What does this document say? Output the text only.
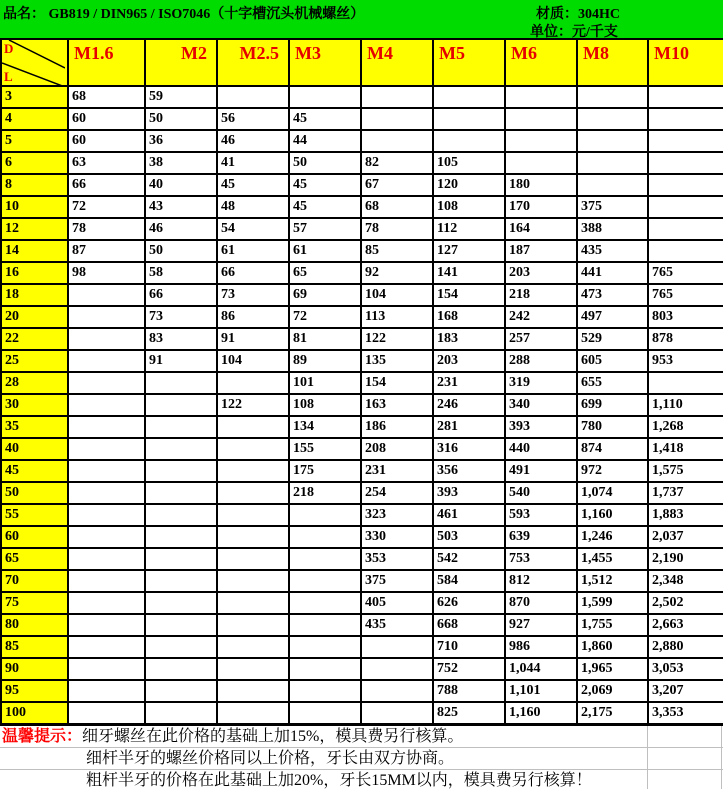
品名： GB819 / DIN965 / ISO7046（十字槽沉头机械螺丝）	材质：304HC
单位：元/千支
D
L	M1.6	M2	M2.5	M3	M4	M5	M6	M8	M10
3	68	59							
4	60	50	56	45					
5	60	36	46	44					
6	63	38	41	50	82	105			
8	66	40	45	45	67	120	180		
10	72	43	48	45	68	108	170	375	
12	78	46	54	57	78	112	164	388	
14	87	50	61	61	85	127	187	435	
16	98	58	66	65	92	141	203	441	765
18		66	73	69	104	154	218	473	765
20		73	86	72	113	168	242	497	803
22		83	91	81	122	183	257	529	878
25		91	104	89	135	203	288	605	953
28				101	154	231	319	655	
30			122	108	163	246	340	699	1,110
35				134	186	281	393	780	1,268
40				155	208	316	440	874	1,418
45				175	231	356	491	972	1,575
50				218	254	393	540	1,074	1,737
55					323	461	593	1,160	1,883
60					330	503	639	1,246	2,037
65					353	542	753	1,455	2,190
70					375	584	812	1,512	2,348
75					405	626	870	1,599	2,502
80					435	668	927	1,755	2,663
85						710	986	1,860	2,880
90						752	1,044	1,965	3,053
95						788	1,101	2,069	3,207
100						825	1,160	2,175	3,353
温馨提示：细牙螺丝在此价格的基础上加15%，模具费另行核算。
细杆半牙的螺丝价格同以上价格，牙长由双方协商。
粗杆半牙的价格在此基础上加20%，牙长15MM以内，模具费另行核算！
